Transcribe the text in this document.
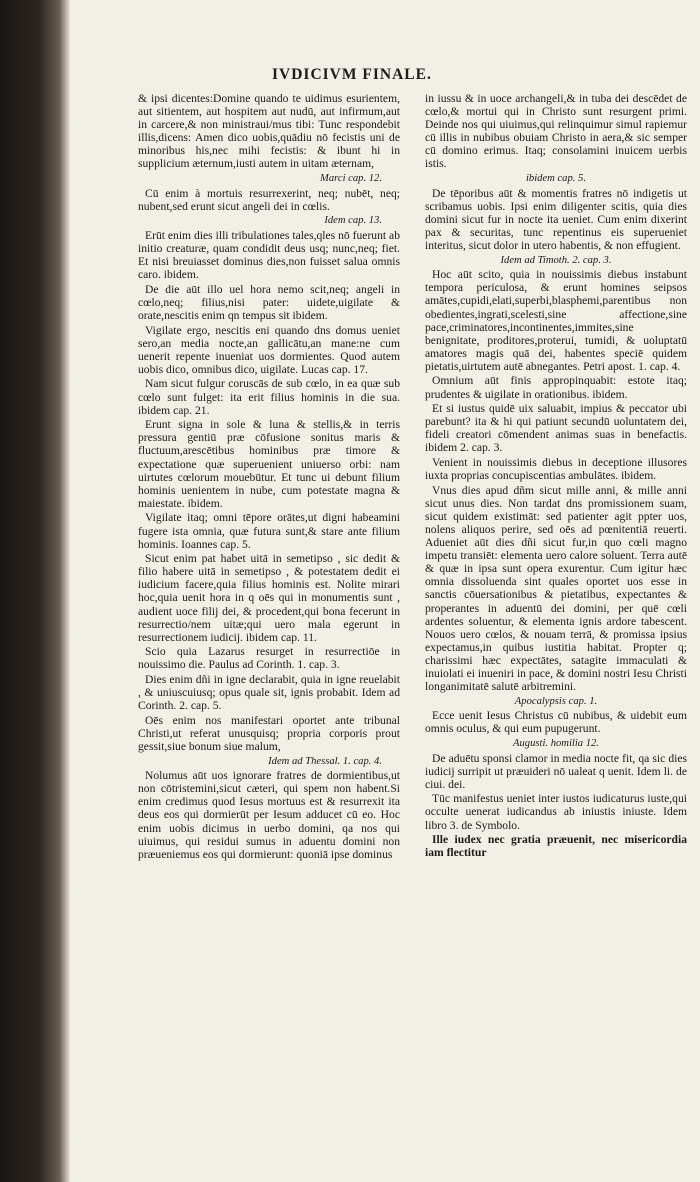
IVDICIVM FINALE.

& ipsi dicentes:Domine quando te uidimus esurientem, aut sitientem, aut hospitem aut nudū, aut infirmum,aut in carcere,& non ministraui/mus tibi: Tunc respondebit illis,dicens: Amen dico uobis,quādiu nō fecistis uni de minoribus his,nec mihi fecistis: & ibunt hi in supplicium æternum,iusti autem in uitam æternam,

Marci cap. 12.

Cū enim à mortuis resurrexerint, neq; nubēt, neq; nubent,sed erunt sicut angeli dei in cœlis.

Idem cap. 13.

Erūt enim dies illi tribulationes tales,qles nō fuerunt ab initio creaturæ, quam condidit deus usq; nunc,neq; fiet. Et nisi breuiasset dominus dies,non fuisset salua omnis caro. ibidem.

De die aūt illo uel hora nemo scit,neq; angeli in cœlo,neq; filius,nisi pater: uidete,uigilate & orate,nescitis enim qn tempus sit ibidem.

Vigilate ergo, nescitis eni quando dns domus ueniet sero,an media nocte,an gallicātu,an mane:ne cum uenerit repente inueniat uos dormientes. Quod autem uobis dico, omnibus dico, uigilate. Lucas cap. 17.

Nam sicut fulgur coruscās de sub cœlo, in ea quæ sub cœlo sunt fulget: ita erit filius hominis in die sua. ibidem cap. 21.

Erunt signa in sole & luna & stellis,& in terris pressura gentiū præ cōfusione sonitus maris & fluctuum,arescētibus hominibus præ timore & expectatione quæ superuenient uniuerso orbi: nam uirtutes cœlorum mouebūtur. Et tunc ui debunt filium hominis uenientem in nube, cum potestate magna & maiestate. ibidem.

Vigilate itaq; omni tēpore orātes,ut digni habeamini fugere ista omnia, quæ futura sunt,& stare ante filium hominis. Ioannes cap. 5.

Sicut enim pat habet uitā in semetipso , sic dedit & filio habere uitā in semetipso , & potestatem dedit ei iudicium facere,quia filius hominis est. Nolite mirari hoc,quia uenit hora in q oēs qui in monumentis sunt , audient uoce filij dei, & procedent,qui bona fecerunt in resurrectio/nem uitæ;qui uero mala egerunt in resurrectionem iudicij. ibidem cap. 11.

Scio quia Lazarus resurget in resurrectiōe in nouissimo die. Paulus ad Corinth. 1. cap. 3.

Dies enim dñi in igne declarabit, quia in igne reuelabit , & uniuscuiusq; opus quale sit, ignis probabit. Idem ad Corinth. 2. cap. 5.

Oēs enim nos manifestari oportet ante tribunal Christi,ut referat unusquisq; propria corporis prout gessit,siue bonum siue malum,

Idem ad Thessal. 1. cap. 4.

Nolumus aūt uos ignorare fratres de dormientibus,ut non cōtristemini,sicut cæteri, qui spem non habent.Si enim credimus quod Iesus mortuus est & resurrexit ita deus eos qui dormierūt per Iesum adducet cū eo. Hoc enim uobis dicimus in uerbo domini, qa nos qui uiuimus, qui residui sumus in aduentu domini non præueniemus eos qui dormierunt: quoniā ipse dominus

in iussu & in uoce archangeli,& in tuba dei descēdet de cœlo,& mortui qui in Christo sunt resurgent primi. Deinde nos qui uiuimus,qui relinquimur simul rapiemur cū illis in nubibus obuiam Christo in aera,& sic semper cū domino erimus. Itaq; consolamini inuicem uerbis istis.

ibidem cap. 5.

De tēporibus aūt & momentis fratres nō indigetis ut scribamus uobis. Ipsi enim diligenter scitis, quia dies domini sicut fur in nocte ita ueniet. Cum enim dixerint pax & securitas, tunc repentinus eis superueniet interitus, sicut dolor in utero habentis, & non effugient.

Idem ad Timoth. 2. cap. 3.

Hoc aūt scito, quia in nouissimis diebus instabunt tempora periculosa, & erunt homines seipsos amātes,cupidi,elati,superbi,blasphemi,parentibus non obedientes,ingrati,scelesti,sine affectione,sine pace,criminatores,incontinentes,immites,sine benignitate, proditores,proterui, tumidi, & uoluptatū amatores magis quā dei, habentes speciē quidem pietatis,uirtutem autē abnegantes. Petri apost. 1. cap. 4.

Omnium aūt finis appropinquabit: estote itaq; prudentes & uigilate in orationibus. ibidem.

Et si iustus quidē uix saluabit, impius & peccator ubi parebunt? ita & hi qui patiunt secundū uoluntatem dei, fideli creatori cōmendent animas suas in benefactis. ibidem 2. cap. 3.

Venient in nouissimis diebus in deceptione illusores iuxta proprias concupiscentias ambulātes. ibidem.

Vnus dies apud dñm sicut mille anni, & mille anni sicut unus dies. Non tardat dns promissionem suam, sicut quidem existimāt: sed patienter agit ppter uos, nolens aliquos perire, sed oēs ad pœnitentiā reuerti. Adueniet aūt dies dñi sicut fur,in quo cœli magno impetu transiēt: elementa uero calore soluent. Terra autē & quæ in ipsa sunt opera exurentur. Cum igitur hæc omnia dissoluenda sint quales oportet uos esse in sanctis cōuersationibus & pietatibus, expectantes & properantes in aduentū dei domini, per quē cœli ardentes soluentur, & elementa ignis ardore tabescent. Nouos uero cœlos, & nouam terrā, & promissa ipsius expectamus,in quibus iustitia habitat. Propter q; charissimi hæc expectātes, satagite immaculati & inuiolati ei inueniri in pace, & domini nostri Iesu Christi longanimitatē salutē arbitremini.

Apocalypsis cap. 1.

Ecce uenit Iesus Christus cū nubibus, & uidebit eum omnis oculus, & qui eum pupugerunt.

Augusti. homilia 12.

De aduētu sponsi clamor in media nocte fit, qa sic dies iudicij surripit ut præuideri nō ualeat q uenit. Idem li. de ciui. dei.

Tūc manifestus ueniet inter iustos iudicaturus iuste,qui occulte uenerat iudicandus ab iniustis iniuste. Idem libro 3. de Symbolo.

Ille iudex nec gratia præuenit, nec misericordia iam flectitur
